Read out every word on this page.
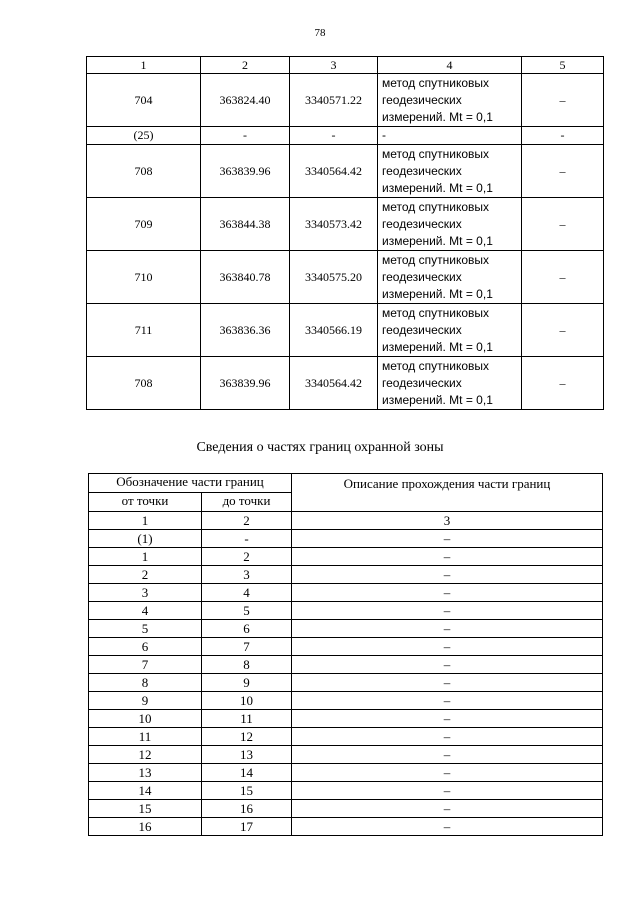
78
1	2	3	4	5
704	363824.40	3340571.22	метод спутниковых
геодезических
измерений. Mt = 0,1	–
(25)	-	-	-	-
708	363839.96	3340564.42	метод спутниковых
геодезических
измерений. Mt = 0,1	–
709	363844.38	3340573.42	метод спутниковых
геодезических
измерений. Mt = 0,1	–
710	363840.78	3340575.20	метод спутниковых
геодезических
измерений. Mt = 0,1	–
711	363836.36	3340566.19	метод спутниковых
геодезических
измерений. Mt = 0,1	–
708	363839.96	3340564.42	метод спутниковых
геодезических
измерений. Mt = 0,1	–
Сведения о частях границ охранной зоны
Обозначение части границ		Описание прохождения части границ
от точки	до точки	
1	2	3
(1)	-	–
1	2	–
2	3	–
3	4	–
4	5	–
5	6	–
6	7	–
7	8	–
8	9	–
9	10	–
10	11	–
11	12	–
12	13	–
13	14	–
14	15	–
15	16	–
16	17	–
